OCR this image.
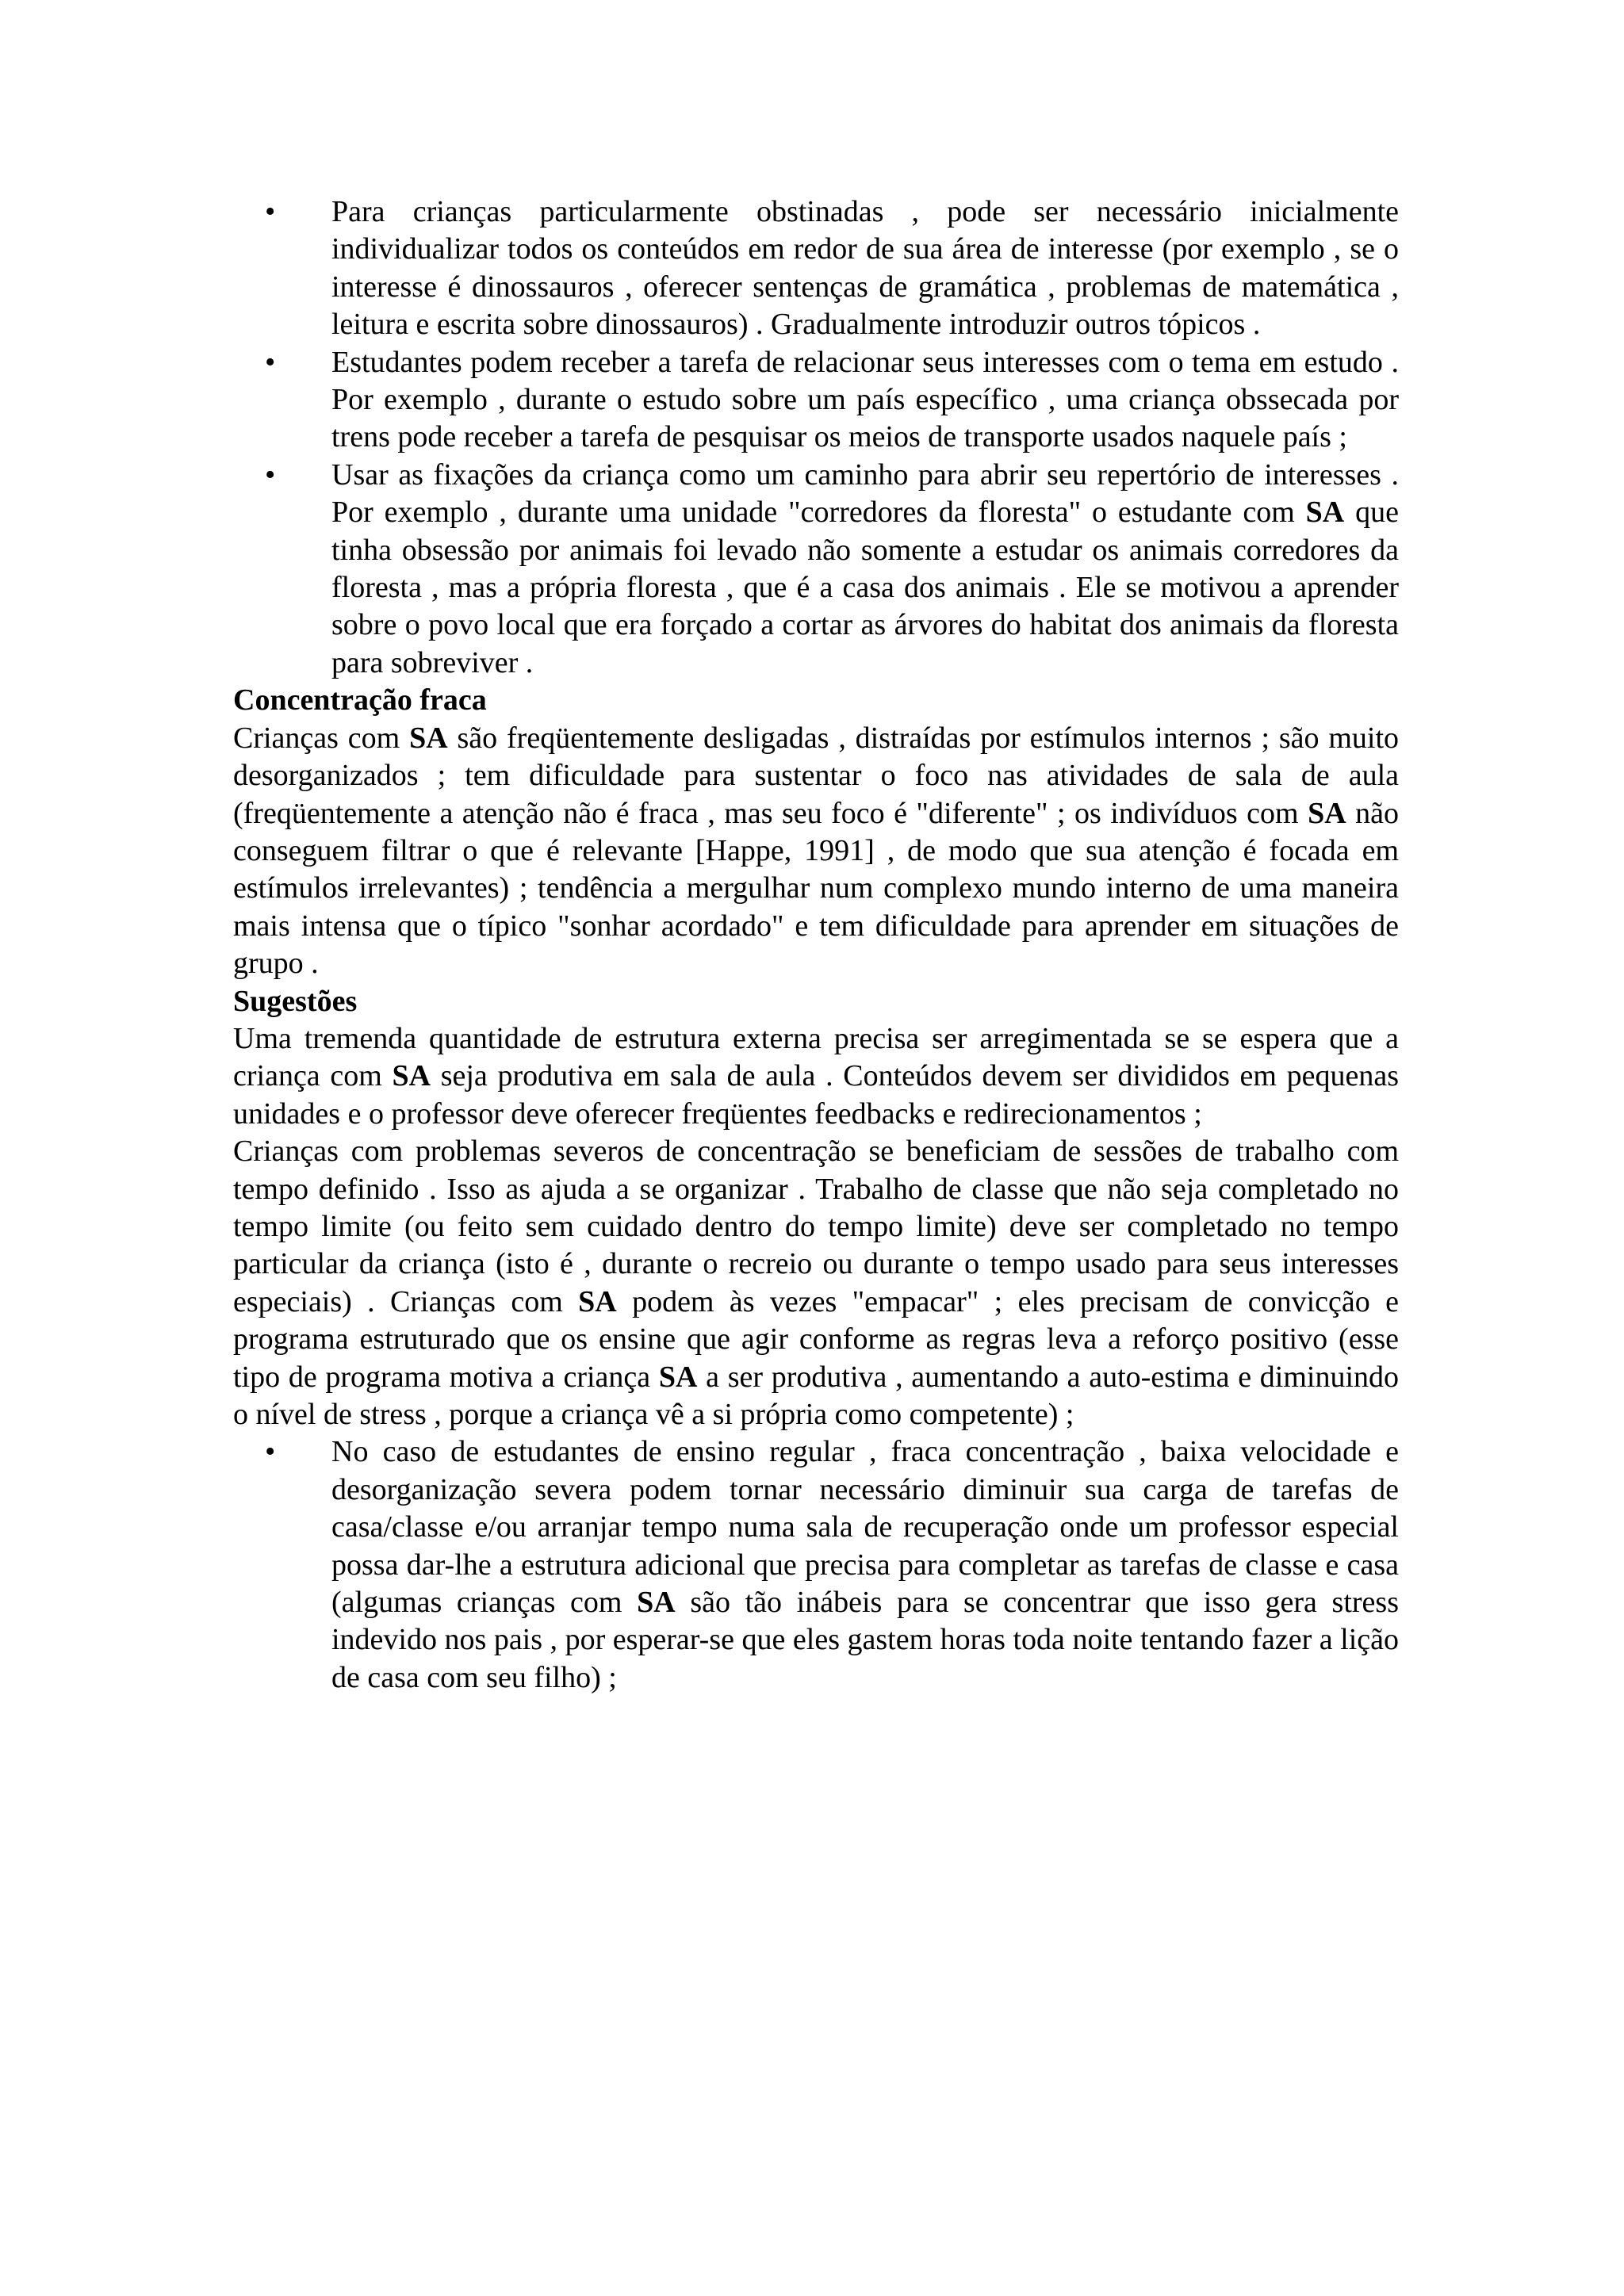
• Para crianças particularmente obstinadas , pode ser necessário inicialmente individualizar todos os conteúdos em redor de sua área de interesse (por exemplo , se o interesse é dinossauros , oferecer sentenças de gramática , problemas de matemática , leitura e escrita sobre dinossauros) . Gradualmente introduzir outros tópicos .
• Estudantes podem receber a tarefa de relacionar seus interesses com o tema em estudo . Por exemplo , durante o estudo sobre um país específico , uma criança obssecada por trens pode receber a tarefa de pesquisar os meios de transporte usados naquele país ;
• Usar as fixações da criança como um caminho para abrir seu repertório de interesses . Por exemplo , durante uma unidade "corredores da floresta" o estudante com SA que tinha obsessão por animais foi levado não somente a estudar os animais corredores da floresta , mas a própria floresta , que é a casa dos animais . Ele se motivou a aprender sobre o povo local que era forçado a cortar as árvores do habitat dos animais da floresta para sobreviver .
Concentração fraca

Crianças com SA são freqüentemente desligadas , distraídas por estímulos internos ; são muito desorganizados ; tem dificuldade para sustentar o foco nas atividades de sala de aula (freqüentemente a atenção não é fraca , mas seu foco é "diferente" ; os indivíduos com SA não conseguem filtrar o que é relevante [Happe, 1991] , de modo que sua atenção é focada em estímulos irrelevantes) ; tendência a mergulhar num complexo mundo interno de uma maneira mais intensa que o típico "sonhar acordado" e tem dificuldade para aprender em situações de grupo .

Sugestões

Uma tremenda quantidade de estrutura externa precisa ser arregimentada se se espera que a criança com SA seja produtiva em sala de aula . Conteúdos devem ser divididos em pequenas unidades e o professor deve oferecer freqüentes feedbacks e redirecionamentos ;

Crianças com problemas severos de concentração se beneficiam de sessões de trabalho com tempo definido . Isso as ajuda a se organizar . Trabalho de classe que não seja completado no tempo limite (ou feito sem cuidado dentro do tempo limite) deve ser completado no tempo particular da criança (isto é , durante o recreio ou durante o tempo usado para seus interesses especiais) . Crianças com SA podem às vezes "empacar" ; eles precisam de convicção e programa estruturado que os ensine que agir conforme as regras leva a reforço positivo (esse tipo de programa motiva a criança SA a ser produtiva , aumentando a auto-estima e diminuindo o nível de stress , porque a criança vê a si própria como competente) ;

• No caso de estudantes de ensino regular , fraca concentração , baixa velocidade e desorganização severa podem tornar necessário diminuir sua carga de tarefas de casa/classe e/ou arranjar tempo numa sala de recuperação onde um professor especial possa dar-lhe a estrutura adicional que precisa para completar as tarefas de classe e casa (algumas crianças com SA são tão inábeis para se concentrar que isso gera stress indevido nos pais , por esperar-se que eles gastem horas toda noite tentando fazer a lição de casa com seu filho) ;
